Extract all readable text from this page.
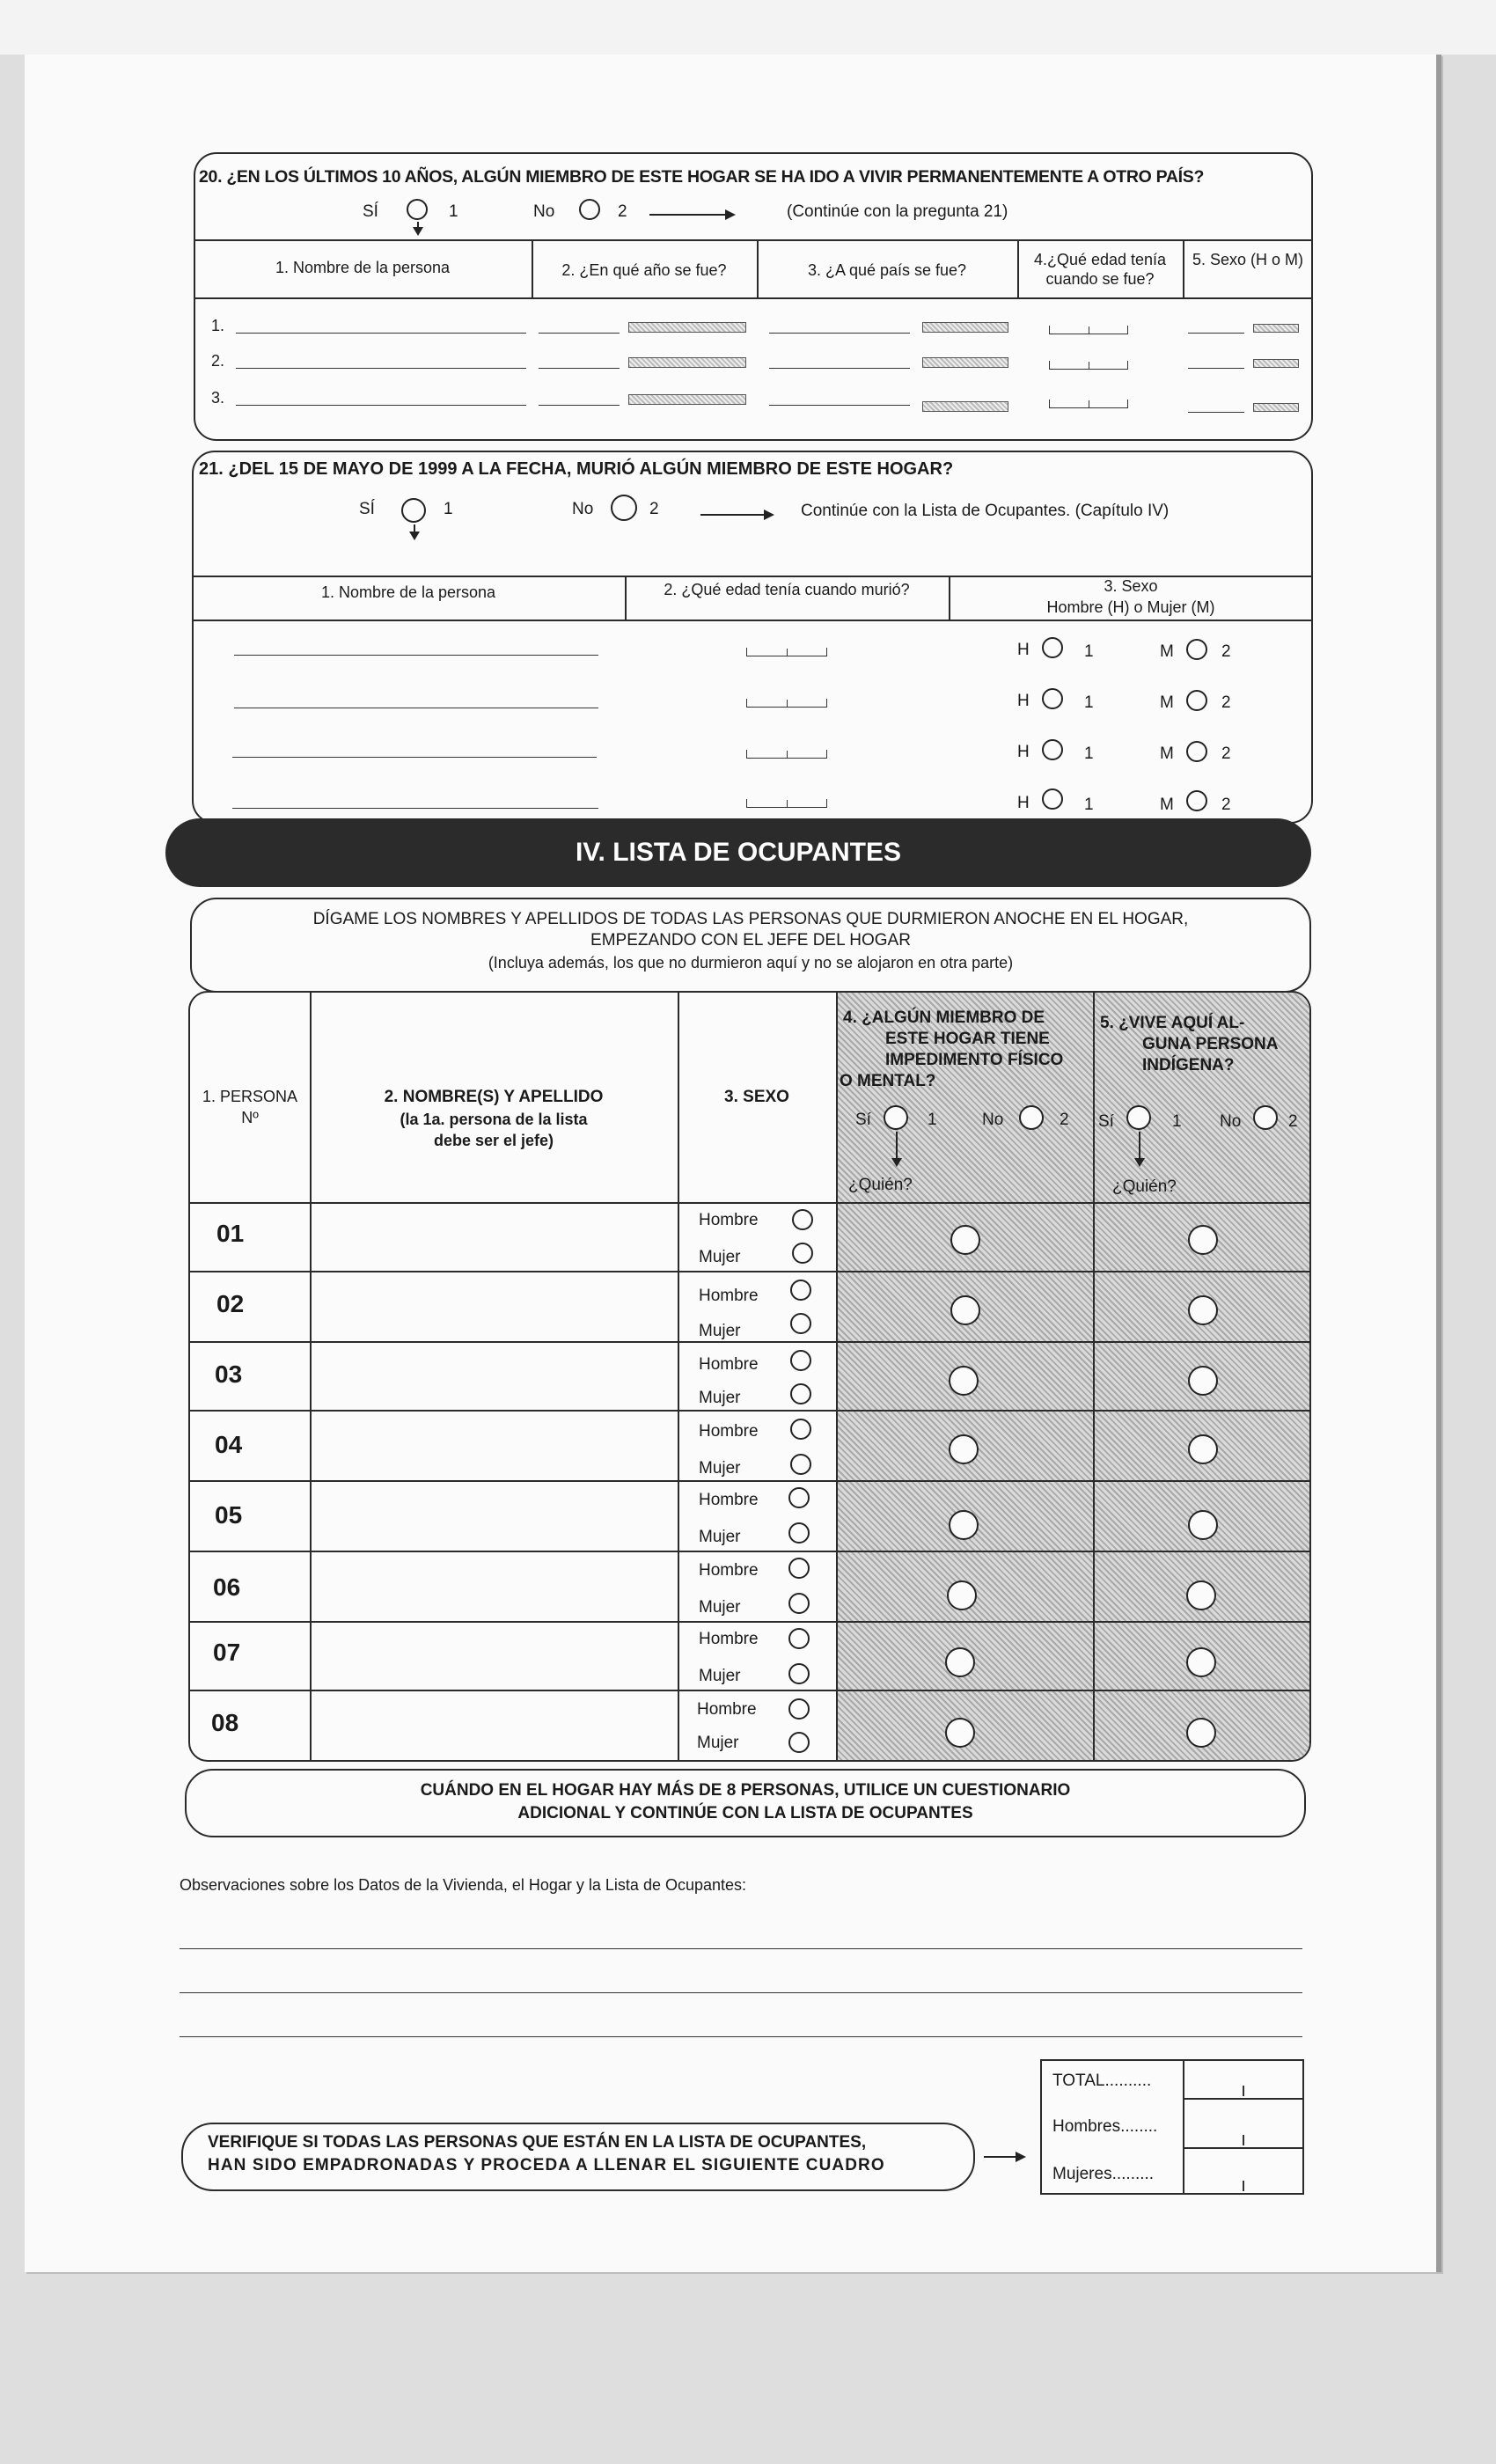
20. ¿EN LOS ÚLTIMOS 10 AÑOS, ALGÚN MIEMBRO DE ESTE HOGAR SE HA IDO A VIVIR PERMANENTEMENTE A OTRO PAÍS?
SÍ	1	No	2	(Continúe con la pregunta 21)
1. Nombre de la persona	2. ¿En qué año se fue?	3. ¿A qué país se fue?
4.¿Qué edad tenía cuando se fue?
5. Sexo (H o M)
1.
2.
3.
21. ¿DEL 15 DE MAYO DE 1999 A LA FECHA, MURIÓ ALGÚN MIEMBRO DE ESTE HOGAR?
SÍ	1	No	2	Continúe con la Lista de Ocupantes. (Capítulo IV)
1. Nombre de la persona	2. ¿Qué edad tenía cuando murió?	3. Sexo
Hombre (H) o Mujer (M)
H	1	M	2
H	1	M	2
H	1	M	2
H	1	M	2
IV. LISTA DE OCUPANTES
DÍGAME LOS NOMBRES Y APELLIDOS DE TODAS LAS PERSONAS QUE DURMIERON ANOCHE EN EL HOGAR,
EMPEZANDO CON EL JEFE DEL HOGAR
(Incluya además, los que no durmieron aquí y no se alojaron en otra parte)
1. PERSONA
Nº
2. NOMBRE(S) Y APELLIDO
(la 1a. persona de la lista
debe ser el jefe)
3. SEXO
4. ¿ALGÚN MIEMBRO DE
ESTE HOGAR TIENE
IMPEDIMENTO FÍSICO
O MENTAL?
Sí	1	No	2
¿Quién?
5. ¿VIVE AQUÍ AL-
GUNA PERSONA
INDÍGENA?
Sí	1 No	2
¿Quién?
01	Hombre
Mujer
02	Hombre
Mujer
03	Hombre
Mujer
04	Hombre
Mujer
05
Hombre
Mujer
06
Hombre
Mujer
07	Hombre
Mujer
08	Hombre
Mujer
CUÁNDO EN EL HOGAR HAY MÁS DE 8 PERSONAS, UTILICE UN CUESTIONARIO
ADICIONAL Y CONTINÚE CON LA LISTA DE OCUPANTES
Observaciones sobre los Datos de la Vivienda, el Hogar y la Lista de Ocupantes:
VERIFIQUE SI TODAS LAS PERSONAS QUE ESTÁN EN LA LISTA DE OCUPANTES,
HAN SIDO EMPADRONADAS Y PROCEDA A LLENAR EL SIGUIENTE CUADRO
TOTAL..........
Hombres........
Mujeres.........
